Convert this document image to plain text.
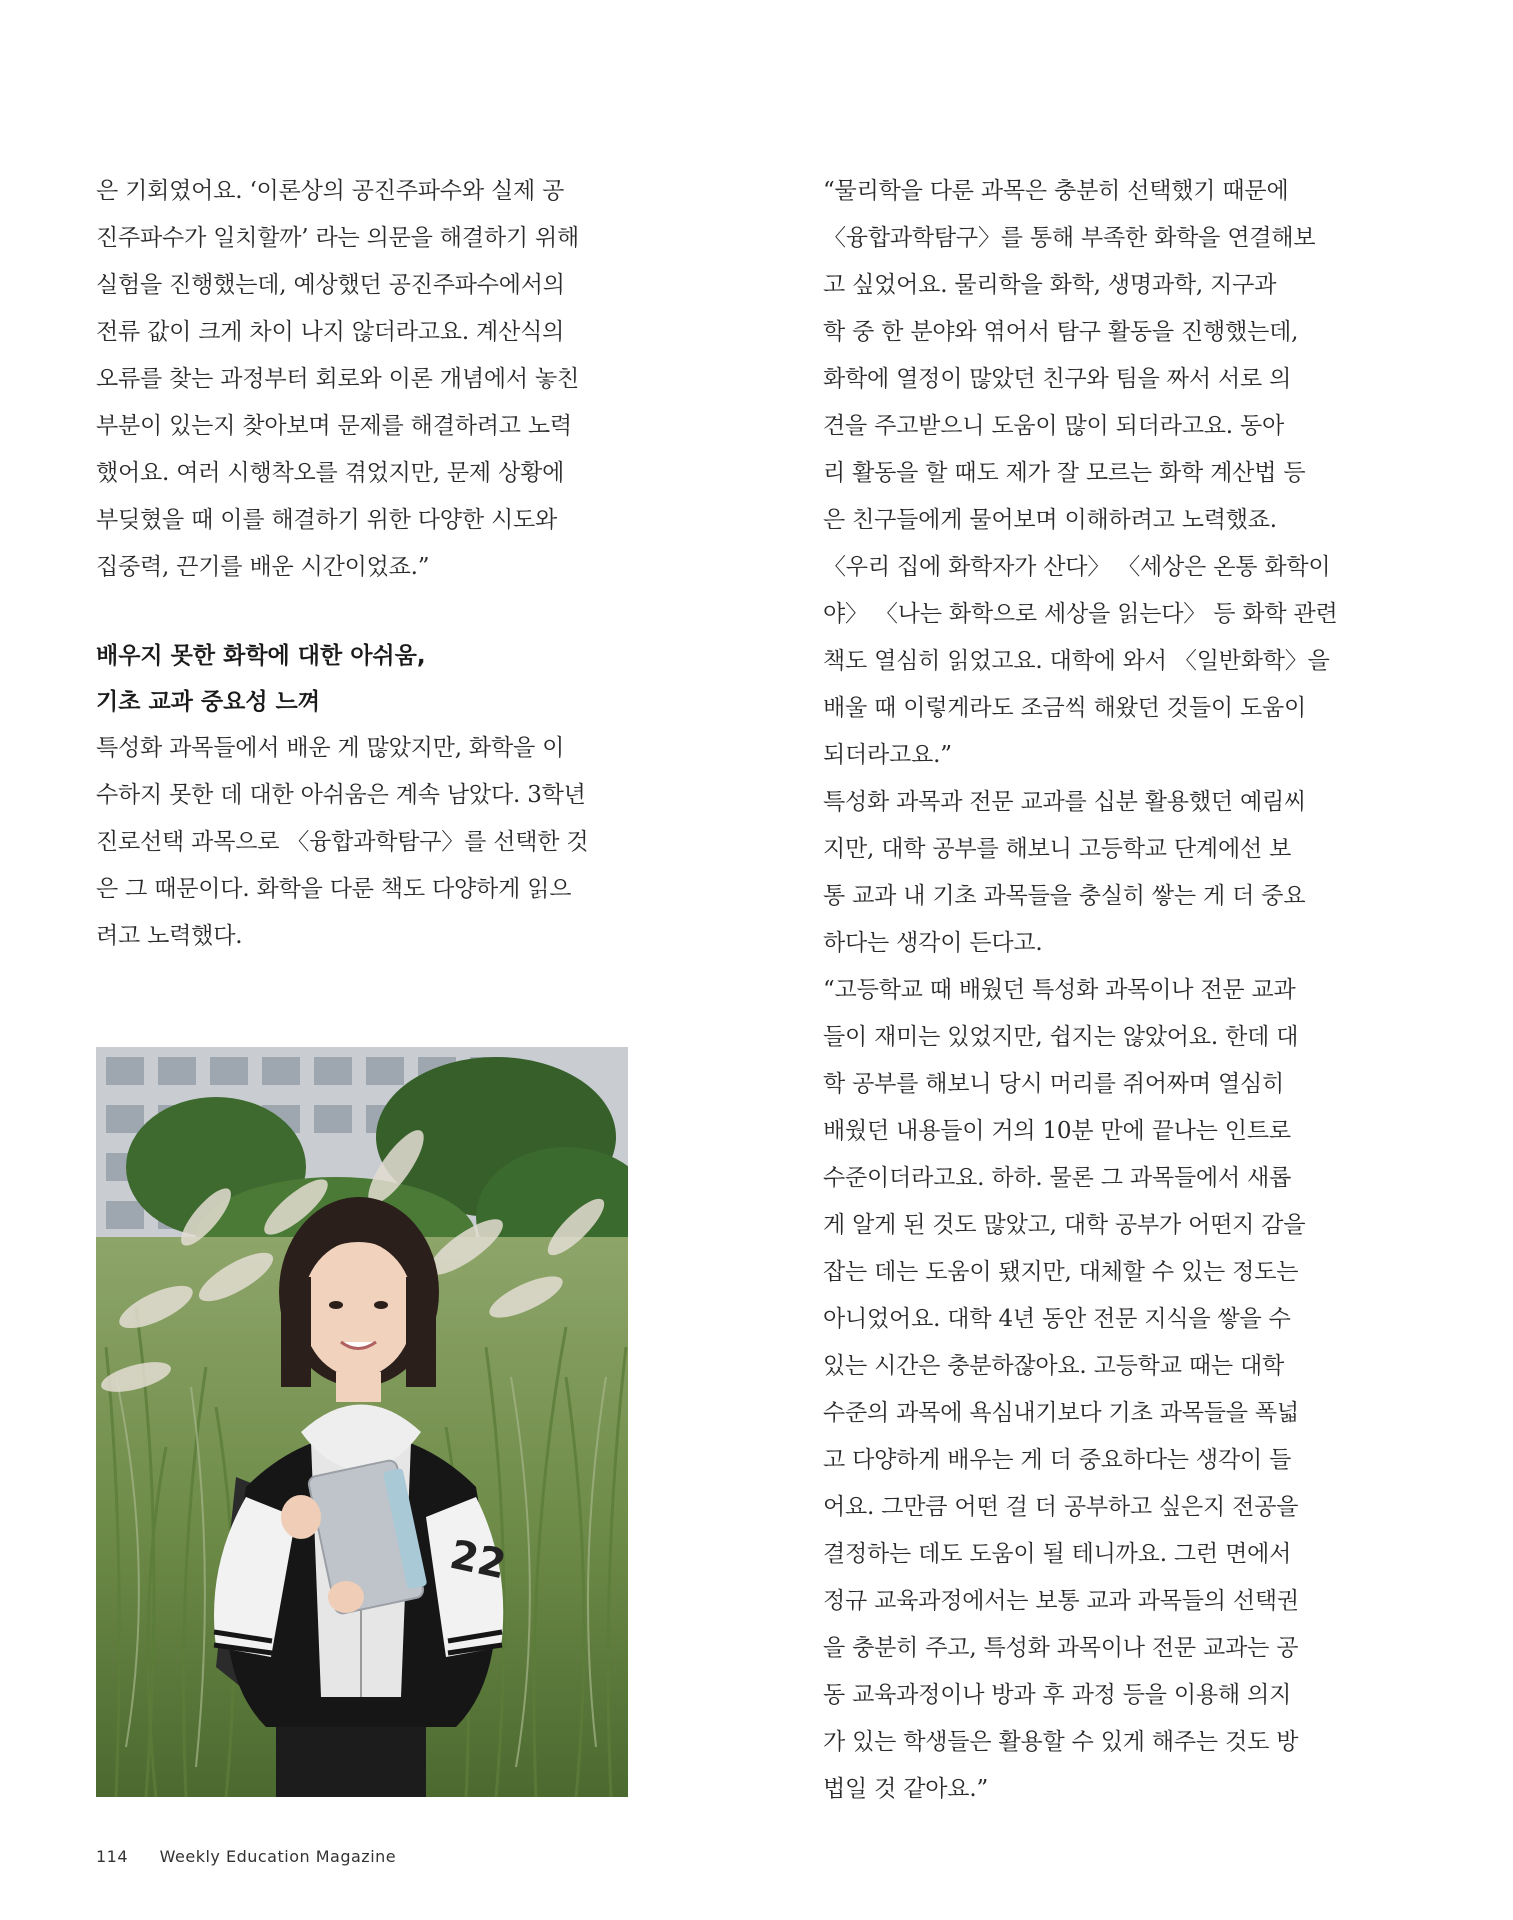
은 기회였어요. ‘이론상의 공진주파수와 실제 공
진주파수가 일치할까’ 라는 의문을 해결하기 위해
실험을 진행했는데, 예상했던 공진주파수에서의
전류 값이 크게 차이 나지 않더라고요. 계산식의
오류를 찾는 과정부터 회로와 이론 개념에서 놓친
부분이 있는지 찾아보며 문제를 해결하려고 노력
했어요. 여러 시행착오를 겪었지만, 문제 상황에
부딪혔을 때 이를 해결하기 위한 다양한 시도와
집중력, 끈기를 배운 시간이었죠.”

배우지 못한 화학에 대한 아쉬움,
기초 교과 중요성 느껴

특성화 과목들에서 배운 게 많았지만, 화학을 이
수하지 못한 데 대한 아쉬움은 계속 남았다. 3학년
진로선택 과목으로 〈융합과학탐구〉를 선택한 것
은 그 때문이다. 화학을 다룬 책도 다양하게 읽으
려고 노력했다.

22

“물리학을 다룬 과목은 충분히 선택했기 때문에
〈융합과학탐구〉를 통해 부족한 화학을 연결해보
고 싶었어요. 물리학을 화학, 생명과학, 지구과
학 중 한 분야와 엮어서 탐구 활동을 진행했는데,
화학에 열정이 많았던 친구와 팀을 짜서 서로 의
견을 주고받으니 도움이 많이 되더라고요. 동아
리 활동을 할 때도 제가 잘 모르는 화학 계산법 등
은 친구들에게 물어보며 이해하려고 노력했죠.
〈우리 집에 화학자가 산다〉 〈세상은 온통 화학이
야〉 〈나는 화학으로 세상을 읽는다〉 등 화학 관련
책도 열심히 읽었고요. 대학에 와서 〈일반화학〉을
배울 때 이렇게라도 조금씩 해왔던 것들이 도움이
되더라고요.”

특성화 과목과 전문 교과를 십분 활용했던 예림씨
지만, 대학 공부를 해보니 고등학교 단계에선 보
통 교과 내 기초 과목들을 충실히 쌓는 게 더 중요
하다는 생각이 든다고.

“고등학교 때 배웠던 특성화 과목이나 전문 교과
들이 재미는 있었지만, 쉽지는 않았어요. 한데 대
학 공부를 해보니 당시 머리를 쥐어짜며 열심히
배웠던 내용들이 거의 10분 만에 끝나는 인트로
수준이더라고요. 하하. 물론 그 과목들에서 새롭
게 알게 된 것도 많았고, 대학 공부가 어떤지 감을
잡는 데는 도움이 됐지만, 대체할 수 있는 정도는
아니었어요. 대학 4년 동안 전문 지식을 쌓을 수
있는 시간은 충분하잖아요. 고등학교 때는 대학
수준의 과목에 욕심내기보다 기초 과목들을 폭넓
고 다양하게 배우는 게 더 중요하다는 생각이 들
어요. 그만큼 어떤 걸 더 공부하고 싶은지 전공을
결정하는 데도 도움이 될 테니까요. 그런 면에서
정규 교육과정에서는 보통 교과 과목들의 선택권
을 충분히 주고, 특성화 과목이나 전문 교과는 공
동 교육과정이나 방과 후 과정 등을 이용해 의지
가 있는 학생들은 활용할 수 있게 해주는 것도 방
법일 것 같아요.”

114 Weekly Education Magazine
